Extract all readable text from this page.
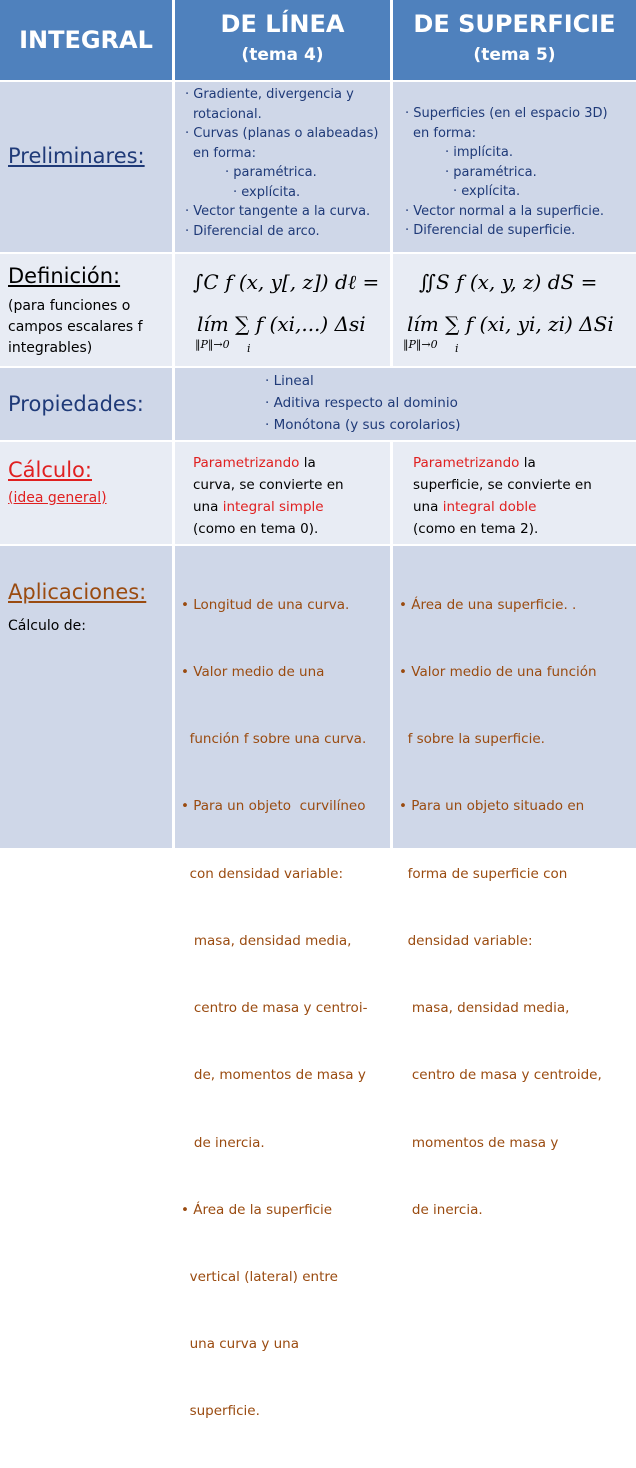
INTEGRAL
DE LÍNEA
(tema 4)
DE SUPERFICIE
(tema 5)
Preliminares:
· Gradiente, divergencia y
rotacional.
· Curvas (planas o alabeadas)
en forma:
· paramétrica.
· explícita.
· Vector tangente a la curva.
· Diferencial de arco.
· Superficies (en el espacio 3D)
en forma:
· implícita.
· paramétrica.
· explícita.
· Vector normal a la superficie.
· Diferencial de superficie.
Definición:
(para funciones o
campos escalares f
integrables)
∫C f (x, y[, z]) dℓ =
lím ∑ f (xi,...) Δsi
‖P‖→0 i
∬S f (x, y, z) dS =
lím ∑ f (xi, yi, zi) ΔSi
‖P‖→0 i
Propiedades:
· Lineal
· Aditiva respecto al dominio
· Monótona (y sus corolarios)
Cálculo:
(idea general)
Parametrizando la
curva, se convierte en
una integral simple
(como en tema 0).
Parametrizando la
superficie, se convierte en
una integral doble
(como en tema 2).
Aplicaciones:
Cálculo de:

• Longitud de una curva.

• Valor medio de una

función f sobre una curva.

• Para un objeto  curvilíneo

con densidad variable:

masa, densidad media,

centro de masa y centroi-

de, momentos de masa y

de inercia.

• Área de la superficie

vertical (lateral) entre

una curva y una

superficie.

• Área de una superficie. .

• Valor medio de una función

f sobre la superficie.

• Para un objeto situado en

forma de superficie con

densidad variable:

masa, densidad media,

centro de masa y centroide,

momentos de masa y

de inercia.
